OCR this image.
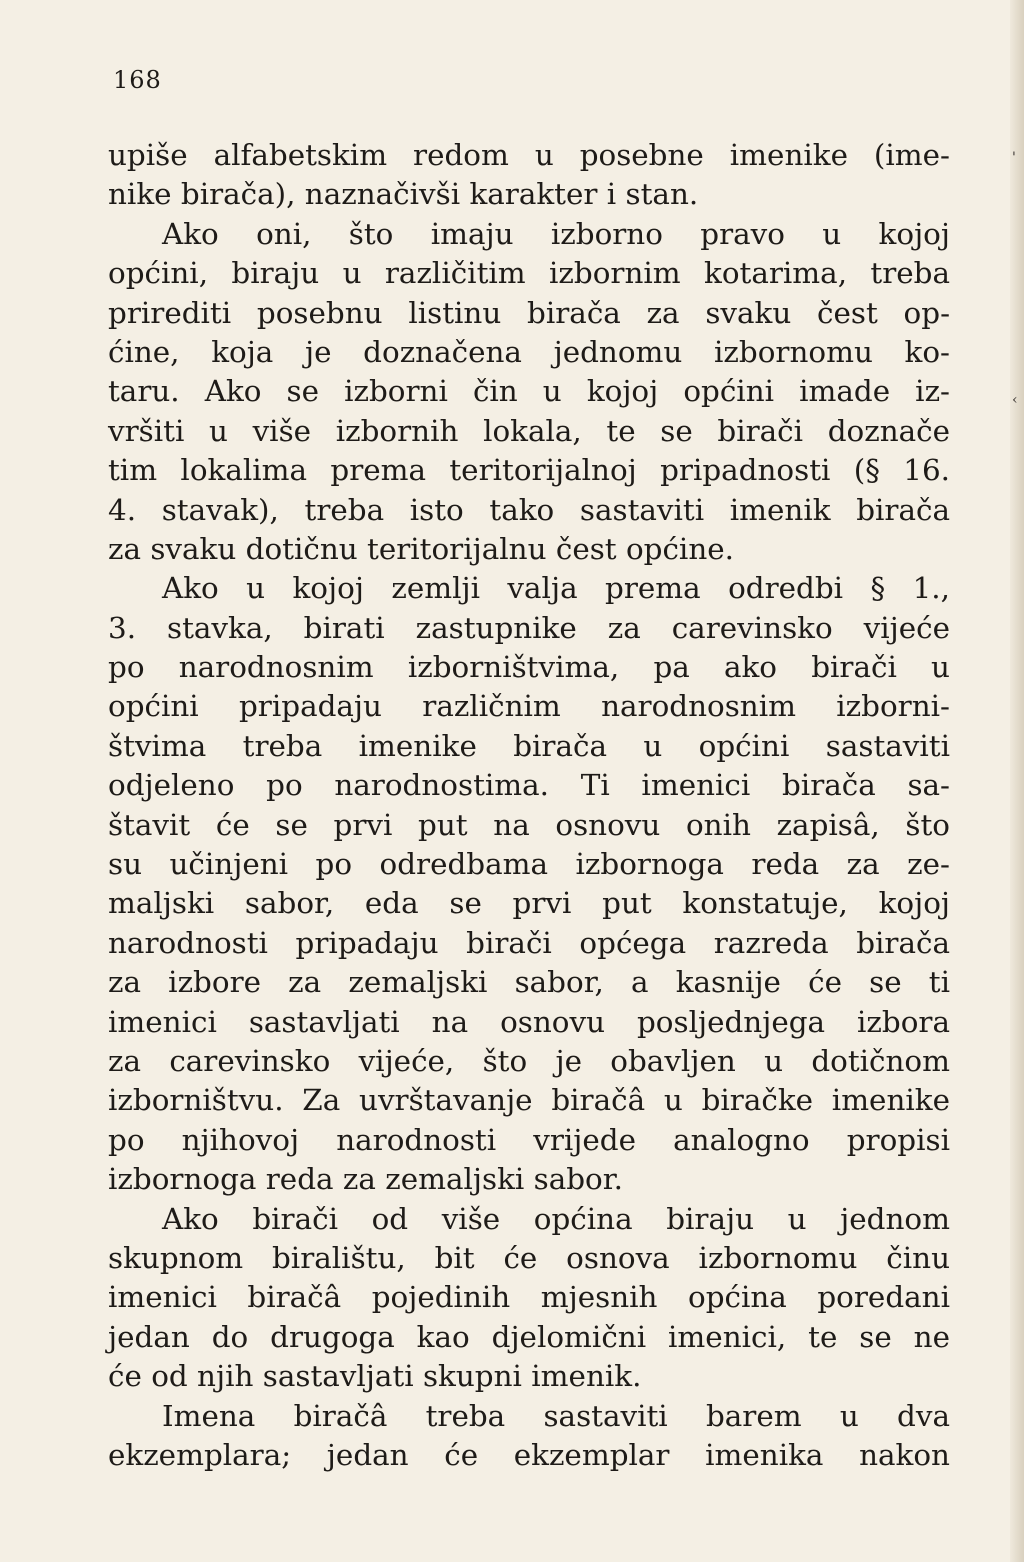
168
'
‹
upiše alfabetskim redom u posebne imenike (ime-
nike birača), naznačivši karakter i stan.
Ako oni, što imaju izborno pravo u kojoj
općini, biraju u različitim izbornim kotarima, treba
prirediti posebnu listinu birača za svaku čest op-
ćine, koja je doznačena jednomu izbornomu ko-
taru. Ako se izborni čin u kojoj općini imade iz-
vršiti u više izbornih lokala, te se birači doznače
tim lokalima prema teritorijalnoj pripadnosti (§ 16.
4. stavak), treba isto tako sastaviti imenik birača
za svaku dotičnu teritorijalnu čest općine.
Ako u kojoj zemlji valja prema odredbi § 1.,
3. stavka, birati zastupnike za carevinsko vijeće
po narodnosnim izborništvima, pa ako birači u
općini pripadaju različnim narodnosnim izborni-
štvima treba imenike birača u općini sastaviti
odjeleno po narodnostima. Ti imenici birača sa-
štavit će se prvi put na osnovu onih zapisâ, što
su učinjeni po odredbama izbornoga reda za ze-
maljski sabor, eda se prvi put konstatuje, kojoj
narodnosti pripadaju birači općega razreda birača
za izbore za zemaljski sabor, a kasnije će se ti
imenici sastavljati na osnovu posljednjega izbora
za carevinsko vijeće, što je obavljen u dotičnom
izborništvu. Za uvrštavanje biračâ u biračke imenike
po njihovoj narodnosti vrijede analogno propisi
izbornoga reda za zemaljski sabor.
Ako birači od više općina biraju u jednom
skupnom biralištu, bit će osnova izbornomu činu
imenici biračâ pojedinih mjesnih općina poredani
jedan do drugoga kao djelomični imenici, te se ne
će od njih sastavljati skupni imenik.
Imena biračâ treba sastaviti barem u dva
ekzemplara; jedan će ekzemplar imenika nakon
